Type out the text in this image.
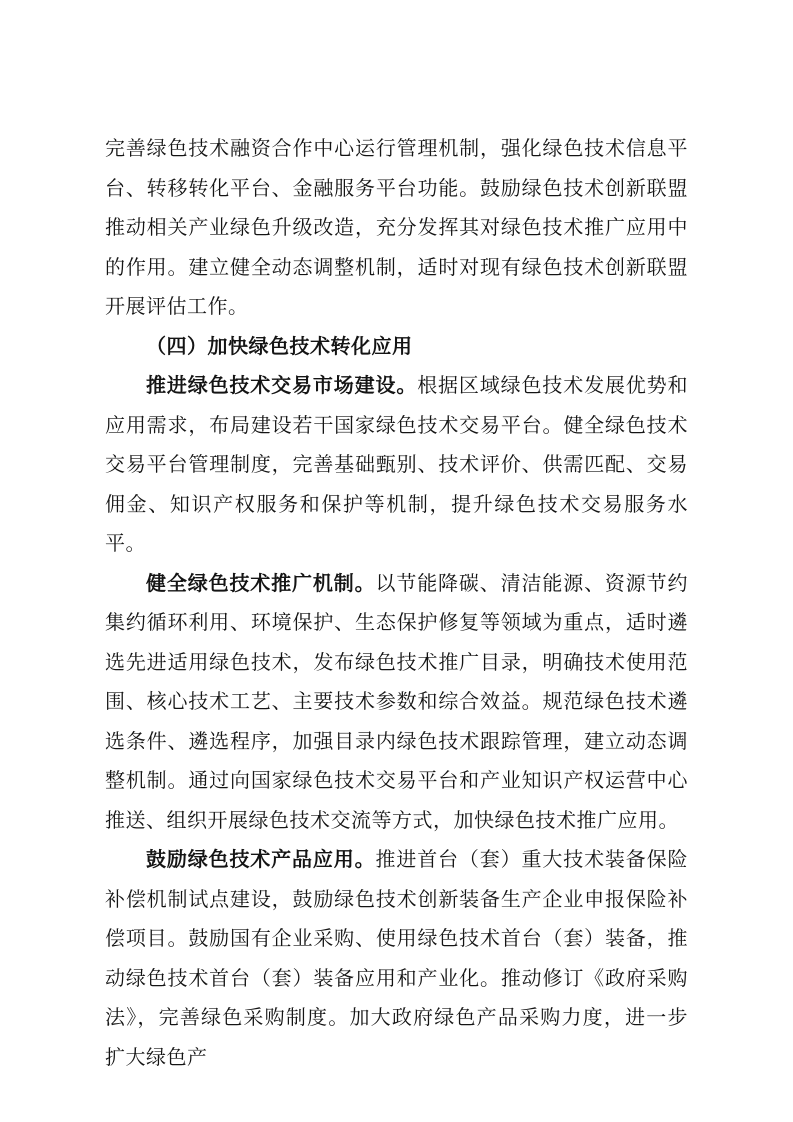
完善绿色技术融资合作中心运行管理机制，强化绿色技术信息平台、转移转化平台、金融服务平台功能。鼓励绿色技术创新联盟推动相关产业绿色升级改造，充分发挥其对绿色技术推广应用中的作用。建立健全动态调整机制，适时对现有绿色技术创新联盟开展评估工作。

（四）加快绿色技术转化应用

推进绿色技术交易市场建设。根据区域绿色技术发展优势和应用需求，布局建设若干国家绿色技术交易平台。健全绿色技术交易平台管理制度，完善基础甄别、技术评价、供需匹配、交易佣金、知识产权服务和保护等机制，提升绿色技术交易服务水平。

健全绿色技术推广机制。以节能降碳、清洁能源、资源节约集约循环利用、环境保护、生态保护修复等领域为重点，适时遴选先进适用绿色技术，发布绿色技术推广目录，明确技术使用范围、核心技术工艺、主要技术参数和综合效益。规范绿色技术遴选条件、遴选程序，加强目录内绿色技术跟踪管理，建立动态调整机制。通过向国家绿色技术交易平台和产业知识产权运营中心推送、组织开展绿色技术交流等方式，加快绿色技术推广应用。

鼓励绿色技术产品应用。推进首台（套）重大技术装备保险补偿机制试点建设，鼓励绿色技术创新装备生产企业申报保险补偿项目。鼓励国有企业采购、使用绿色技术首台（套）装备，推动绿色技术首台（套）装备应用和产业化。推动修订《政府采购法》，完善绿色采购制度。加大政府绿色产品采购力度，进一步扩大绿色产
